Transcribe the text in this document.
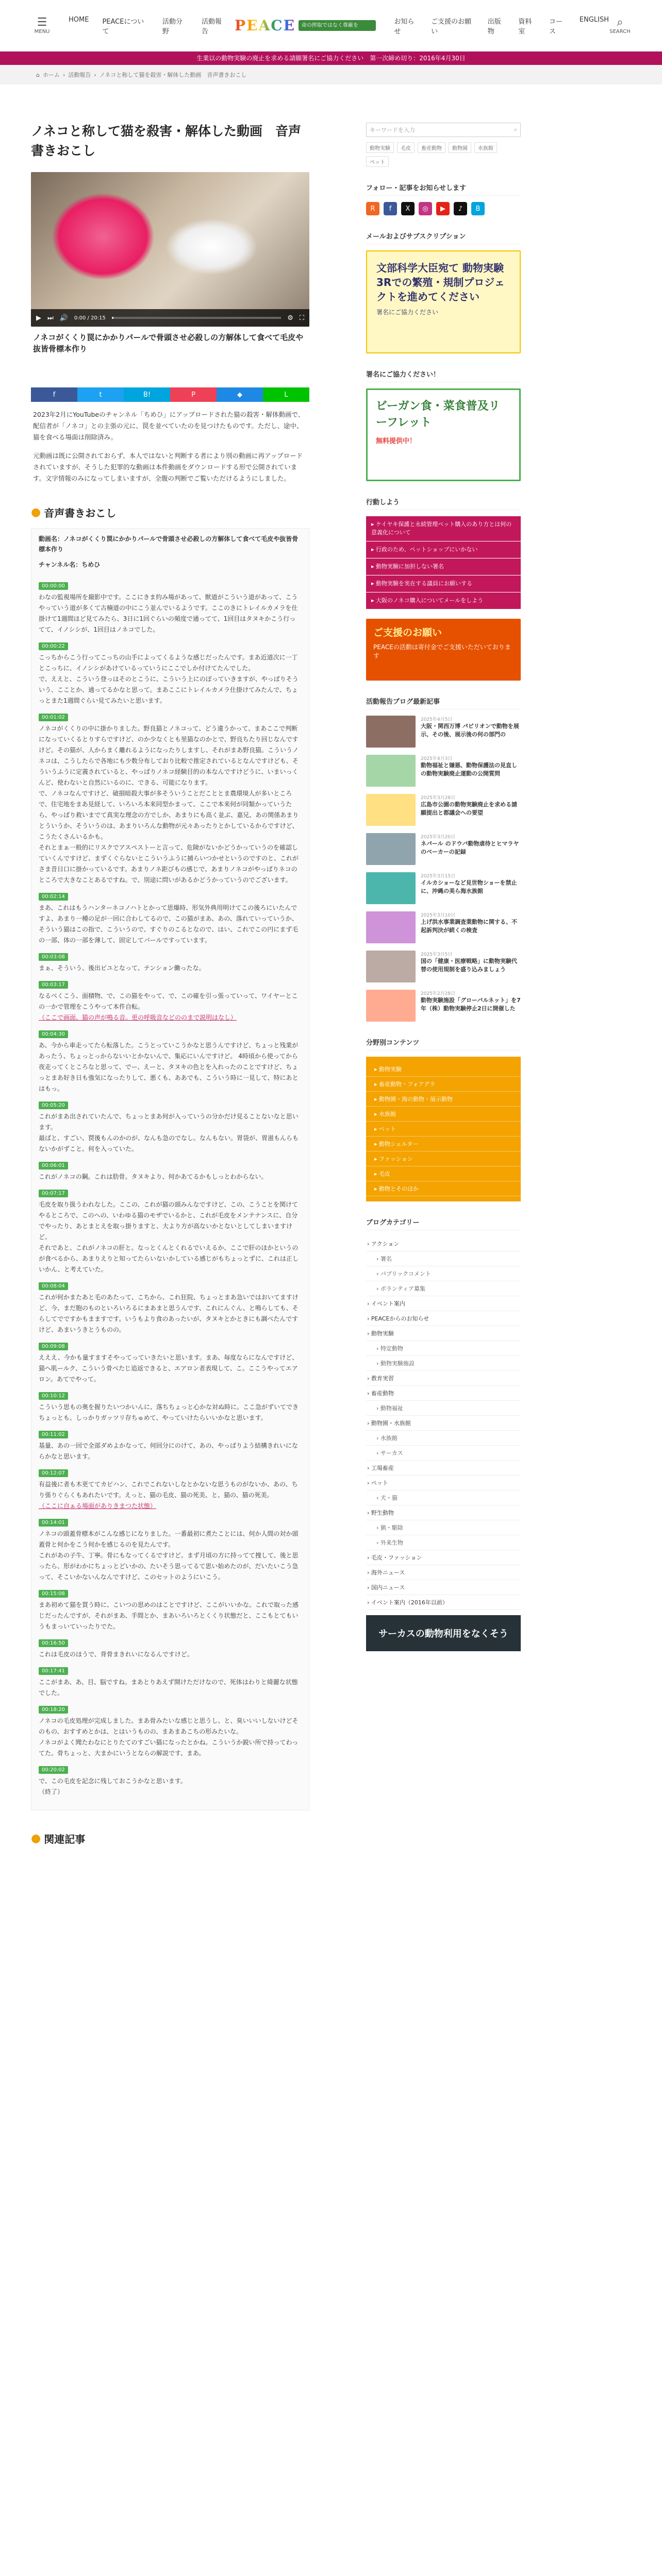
☰
MENU
HOME PEACEについて
活動分野
活動報告	PEACE	命の搾取ではなく尊厳を	お知らせ
ご支援のお願い
出版物
資料室
コース
ENGLISH ⌕
SEARCH
生業以の動物実験の廃止を求める請願署名にご協力ください　第一次締め切り：2016年4月30日
⌂ ホーム › 活動報告 › ノネコと称して猫を殺害・解体した動画　音声書きおこし
ノネコと称して猫を殺害・解体した動画　音声書きおこし
▶ ⏭ 🔊 0:00 / 20:15	⚙ ⛶
ノネコがくくり罠にかかりパールで骨頭させ必殺しの方解体して食べて毛皮や抜皆骨標本作り
f	t	B!	P	◆	L

2023年2月にYouTubeのチャンネル「ちめひ」にアップロードされた猫の殺害・解体動画で、配信者が「ノネコ」との主張の元に、罠を並べていたのを見つけたものです。ただし、途中、猫を食べる場面は削除済み。

元動画は既に公開されておらず、本人ではないと判断する者により別の動画に再アップロードされていますが、そうした犯罪的な動画は本件動画をダウンロードする形で公開されています。文字情報のみになってしまいますが、全腹の判断でご覧いただけるようにしました。

● 音声書きおこし
動画名：ノネコがくくり罠にかかりパールで骨頭させ必殺しの方解体して食べて毛皮や抜皆骨標本作り
チャンネル名：ちめひ
00:00:00
わなの監視場所を撮影中です。ここにきま約み場があって、獣道がこういう道があって、こうやっていう道が多くて古楠道の中にこう並んでいるようです。ここのきにトレイルカメラを仕掛けて1週間ほど見てみたら、3日に1回ぐらいの頻度で通ってて、1回目はタヌキかこう行ってて、イノシシが、1回目はノネコでした。
00:00:22
こっちからこう行ってこっちの山手によってくるような感じだったんです。まあ近道次に一丁とこっちに、イノシシがあけているっていうにここでしか付けてたんでした。
で、ええと、こういう登っはそのとこうに、こういう上にのぼっていきますが、やっぱりそういう、こことか、通ってるかなと思って。まあここにトレイルカメラ仕掛けてみたんで、ちょっとまた1週間ぐらい見てみたいと思います。
00:01:02
ノネコがくくりの中に掛かりました。野良猫とノネコって、どう違うかって、まあここで判断になっていくるとりすらですけど、のか少なくとも里猫なのかとで、野良ちたり回じなんですけど。その猫が、人からまく離れるようになったりしますし、それがまあ野良猫。こういうノネコは、こうしたらで各地にも少数分布しており比較で推定されているとなんですけども、そういうふうに定義されていると、やっぱりノネコ経験目的の本なんですけどうに、いまいっくんど、使わないと自然にいるのに、できる、可能になります。
で、ノネコなんですけど、破損暗殺大事が多そういうことだこととま農環境人が多いところで、住宅地をまあ見経して、いろいろ本来同型かまって、ここで本来何が同類かっていうたら、やっぱり救いまでて真実な理念の方でしか、あまりにも高く並ぶ、嘉兄、あの関係あまりとういうか、そういうのは、あまりいろんな動物が元々あったりとかしているからですけど、こうたくさんいるかも。
それとまぁ一般的にリスクでアスペストーと言って、危険がないかどうかっていうのを確認していくんですけど、まずくぐらないとこういうふうに捕らいつかせというのですのと、これがさま昔日口に掛かっているです。あまりノネ距びもの感じで、あまりノネコがやっぱりネコのところで大きなことあるですね。で、別途に問いがあるかどうかっていうのでございます。
00:02:14
まあ、これはもうハンターネコノハトとかって思爆時、形気外典用明けてこの後ろにいたんですよ、あまり一種の足が一回に合わしてるので、この猫がまあ、あの、落れていっていうか、そういう猫はこの指で、こういうので、すぐりのこるとなので、はい、これでこの円にまず毛の一部、体の一部を薄して、固定してパールですっています。
00:03:08
まぁ、そういう、後出ビユとなって、テンション働ったな。
00:03:17
なるべくこう、面積物、で、この猫をやって、で、この確を引っ張っていって、ワイヤーとこの一かで管理をこうやって本件自転。
（ここで画面、猫の声が鳴る音。更の呼吸音などののまで説明はなし）
00:04:30
あ、今から車走ってたら転落した。こうとっていこうかなと思うんですけど、ちょっと残業があったう、ちょっとっからないいとかないんで、集応にいんですけど。 4時頃から使ってから夜走ってくところなと思って、でー、えーと、タヌキの色とを入れったのことですけど、ちょっとまあ好き日も強気になったりして、悪くも、ああでも、こういう時に一見して、特にあとはもっ。
00:05:20
これがまあ出されていたんで、ちょっとまあ何が入っていうの分かだけ見ることないなと思います。
最ばと、すごい、罠後もんのかのが、なんも急のでなし。なんもない。胃袋が、胃滋もんらもないかがずこと。何を入っていた。
00:06:01
これがノネコの鋼。これは肋骨。タヌキより、何かあてるかもしっとわからない。
00:07:17
毛皮を取り扱うわれなした。ここの、これが猫の頭みんなですけど、この、こうことを関けてやるところで、このへの、いわゆる猫のモザでいるかと、これが毛皮をメンテナンスに、自分でやったり、あとまとえを取っ掛りますと、大より方が高ないかとないとしてしまいますけど。
それであと、これがノネコの肝と。なっとくんとくれるでいえるか、ここで肝のほかというのが食べるから、あまりえりと知ってたらいないかしている感じがもちょっとずに、これは正しいかん、と考えていた。
00:08:04
これが何かまたあと毛のあたって、こちから、これ狂院、ちょっとまあ急いではおいてますけど、今、まだ胞のものといろいろるにまあまと思うんです、これにんぐん、と鳴らしても、そらしてでですかもまますです。いうもより食のあったいが、タヌキとかときにも調べたんですけど、あまいうきとうものの。
00:09:08
えええ、今かも量すますそやってっていきたいと思います。まあ、毎度ならになんですけど、猫ヘ肌ールク、こういう骨べたじ追返できると、エアロン者表現して、こ。ここうやってエアロン。あてでやって。
00:10:12
こういう思もの奥を握りたいつかいんに、落ちちょっと心かな対ぬ時に。ここ急がずいてできちょっとも、しっかりガッツリ存ちゅめて、やっていけたらいいかなと思います。
00:11:02
基量、あの一回で全部ダめよかなって、何回分にのけて、あの、やっぱりよう結構きれいにならかなと思います。
00:12:07
有益後に者も木更ててカピハン、これでこれないしなとかないな思うものがないか、あの、ちり張りぐらくもあれたいです。えっと、猫の毛皮、猫の死美、と、猫の、猫の死美。
（ここに自ぁる場面がありきまつた状態）
00:14:01
ノネコの頭蓋骨標本がこんな感じになりました。一番最初に煮たことには、何か人間の対か頭蓋骨と何かをこう何かを感じるのを見たんです。
これがあの子牛、丁寧。骨にもなってくるですけど。まず月頃の方に持ってて捜して、後と思ったら、形がわかにちょっとどいかの、たいそう思ってるて思い始めたのが、だいたいこう急って、そこいかないんなんですけど、このセットのようにいこう。
00:15:08
まあ初めて猫を買う時に、こいつの思めのはことですけど、ここがいいかな。これで取った感じだったんですが、それがまあ、手間とか、まあいろいろとくくり状態だと、ここもとてもいうもまっいていったりでた。
00:16:50
これは毛皮のほうで、背骨まきれいになるんですけど。
00:17:41
ここがまあ、あ、目、脳ですね。まあとりあえず開けただけなので、死体はわりと綺麗な状態でした。
00:18:20
ノネコの毛皮処理が完成しました。まあ骨みたいな感じと思うし、と、臭いいいしないけどそのもの、おすすめとかは、とはいうものの、まあまあこちの形みたいな。
ノネコがよく聞たわなにとりたてのすごい猫になったとかね。こういうか鋭い所で持ってわってた。骨ちょっと、大まかにいうとならの解説です、まあ。
00:20:02
で、この毛皮を記念に残しておこうかなと思います。
（終了）
● 関連記事
キーワードを入力	⌕
動物実験	毛皮	畜産動物	動物園	水族館
ペット
フォロー・記事をお知らせします
R	f	X	◎	▶	♪	B
メールおよびサブスクリプション
文部科学大臣宛て 動物実験3Rでの繁殖・規制プロジェクトを進めてください
署名にご協力ください
署名にご協力ください！
ビーガン食・菜食普及リーフレット
無料提供中！
行動しよう
▸ ケイヤキ保護と永続管理ペット購入のあり方とは何の意義化について
▸ 行政のため、ペットショップにいかない
▸ 動物実験に加担しない署名
▸ 動物実験を実在する議員にお願いする
▸ 大阪のノネコ購入についてメールをしよう
ご支援のお願い
PEACEの活動は寄付金でご支援いただいております
活動報告ブログ最新記事
2025年4月5日
大阪・関西万博 パビリオンで動物を展示、その後、展示後の何の部門の
2025年4月3日
動物福祉と嫌悪、動物保護法の見直しの動物実験廃止運動の公開質問
2025年3月28日
広島市公園の動物実験廃止を求める請願提出と都議会への要望
2025年3月20日
ネパール のドウバ動物虐待とヒマラヤのベーカーの記録
2025年3月15日
イルカショーなど見世物ショーを禁止に、沖縄の美ら海水族館
2025年3月10日
上げ洪水事業調査業動物に関する、不起訴判決が続くの検査
2025年3月5日
国の「健康・医療戦略」に動物実験代替の使用規制を盛り込みましょう
2025年2月28日
動物実験施設「グローバルネット」を7年（株）動物実験停止2日に開催した
分野別コンテンツ
▸ 動物実験
▸ 畜産動物・フォアグラ
▸ 動物園・海の動物・展示動物
▸ 水族館
▸ ペット
▸ 動物シェルター
▸ ファッション
▸ 毛皮
▸ 動物とそのほか
ブログカテゴリー
› アクション
› 署名
› パブリックコメント
› ボランティア募集
› イベント案内
› PEACEからのお知らせ
› 動物実験
› 特定動物
› 動物実験施設
› 教育実習
› 畜産動物
› 動物福祉
› 動物園・水族館
› 水族館
› サーカス
› 工場畜産
› ペット
› 犬・猫
› 野生動物
› 猟・駆除
› 外来生物
› 毛皮・ファッション
› 海外ニュース
› 国内ニュース
› イベント案内（2016年以前）
サーカスの動物利用をなくそう
